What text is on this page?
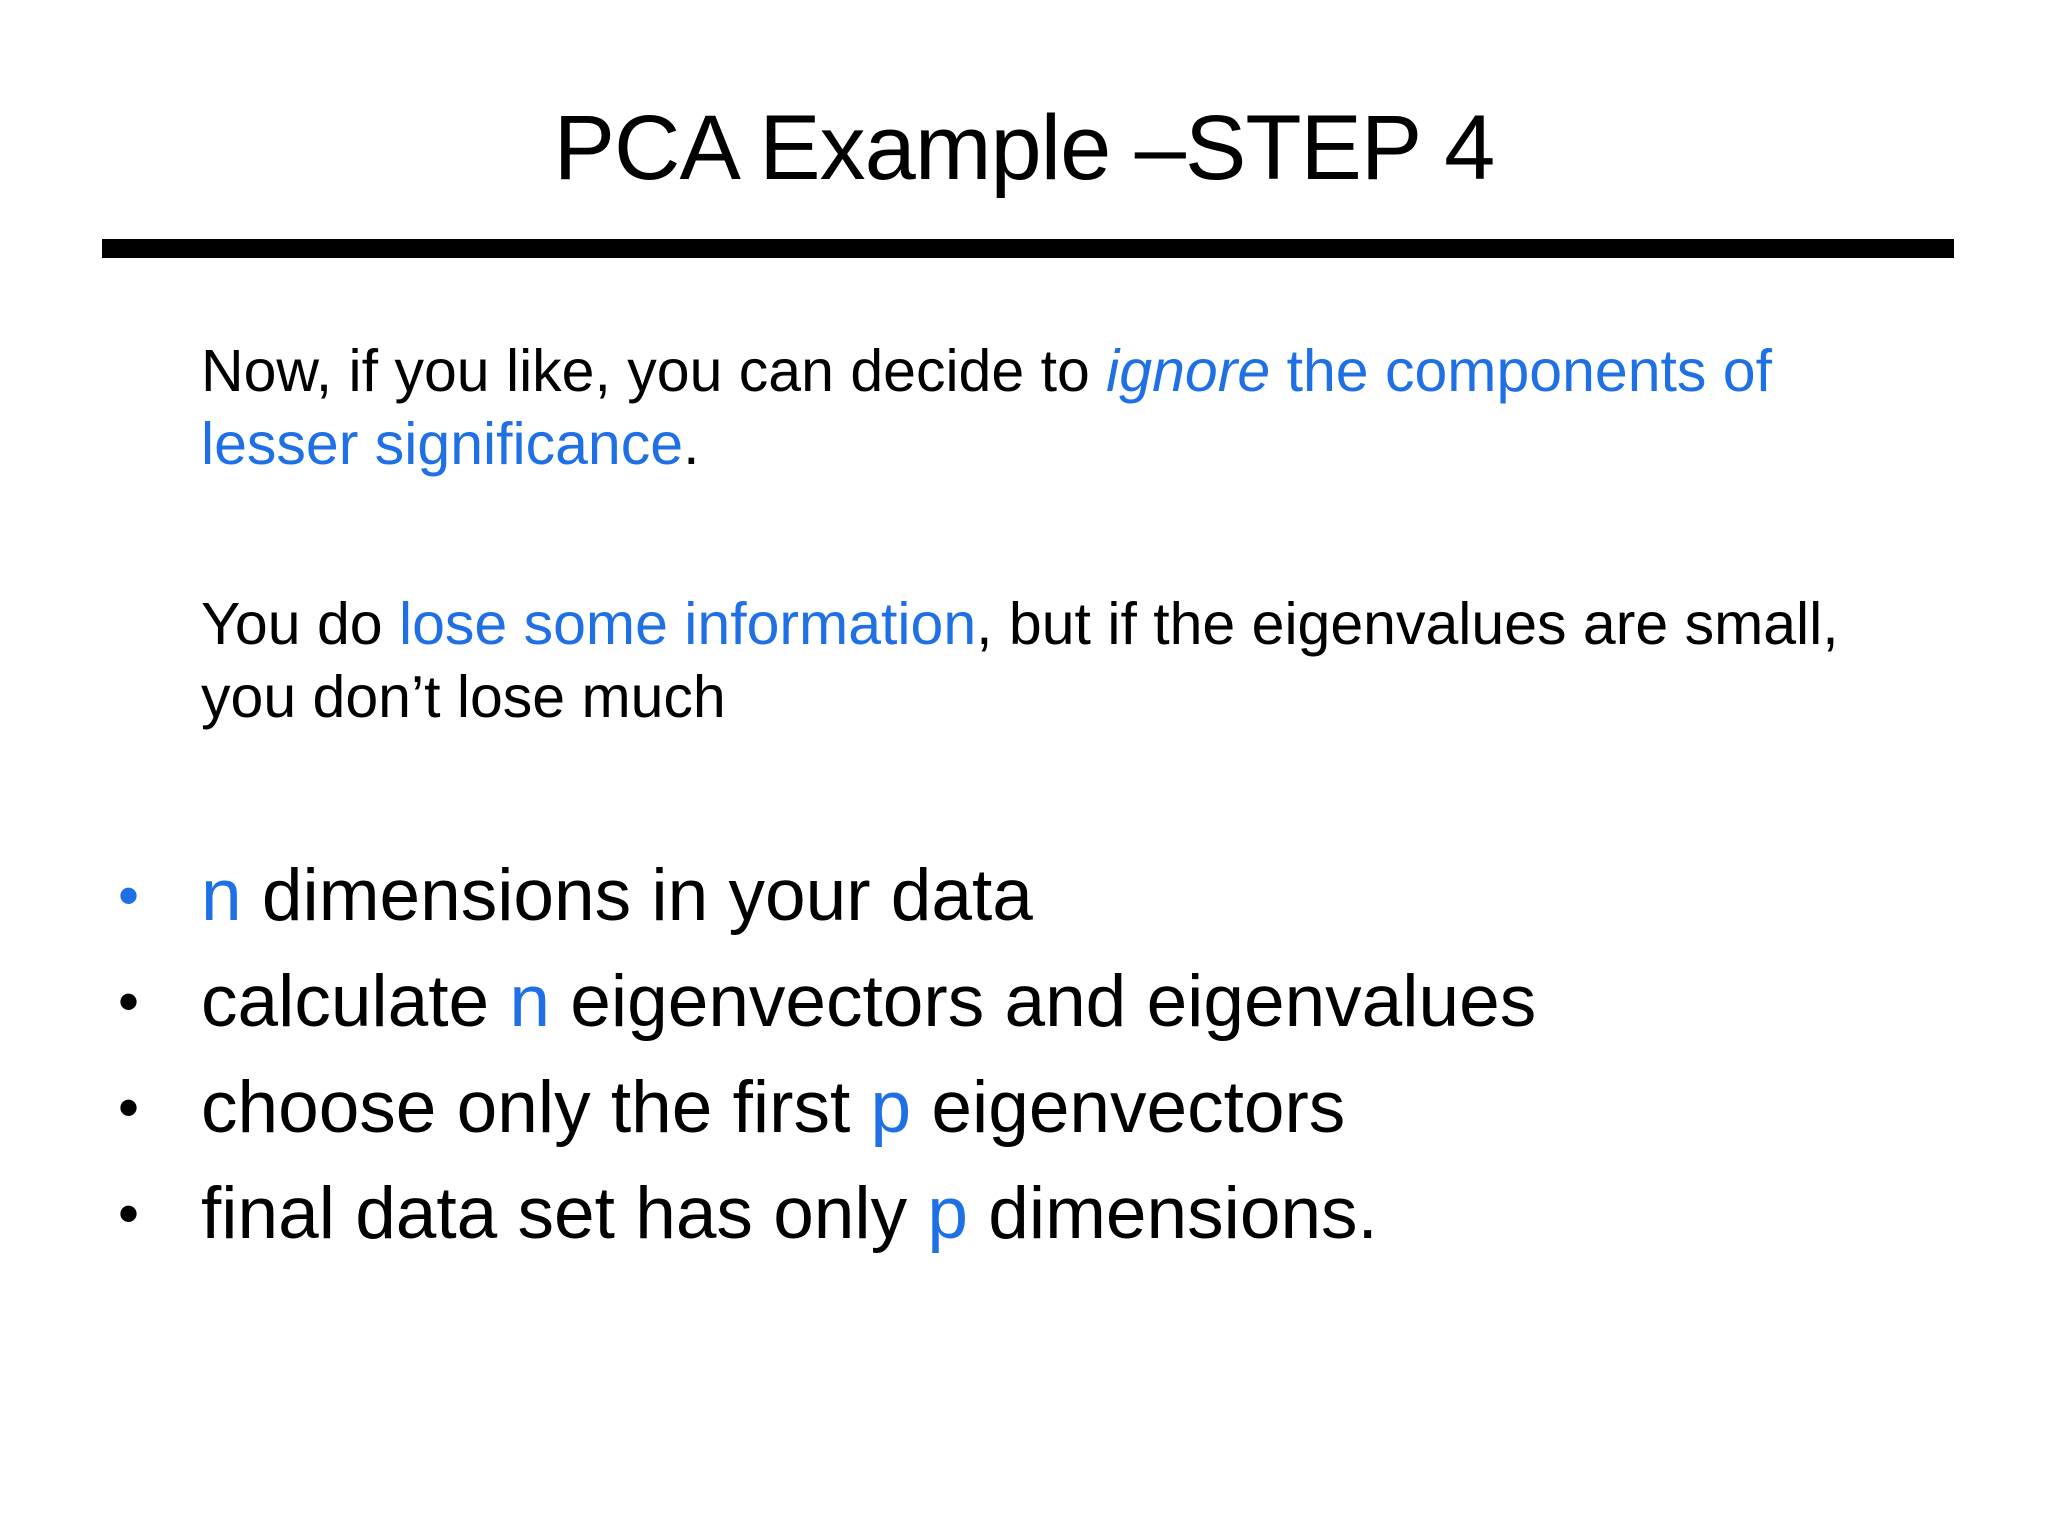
PCA Example –STEP 4
Now, if you like, you can decide to ignore the components of lesser significance.
You do lose some information, but if the eigenvalues are small, you don’t lose much
• n dimensions in your data
• calculate n eigenvectors and eigenvalues
• choose only the first p eigenvectors
• final data set has only p dimensions.
